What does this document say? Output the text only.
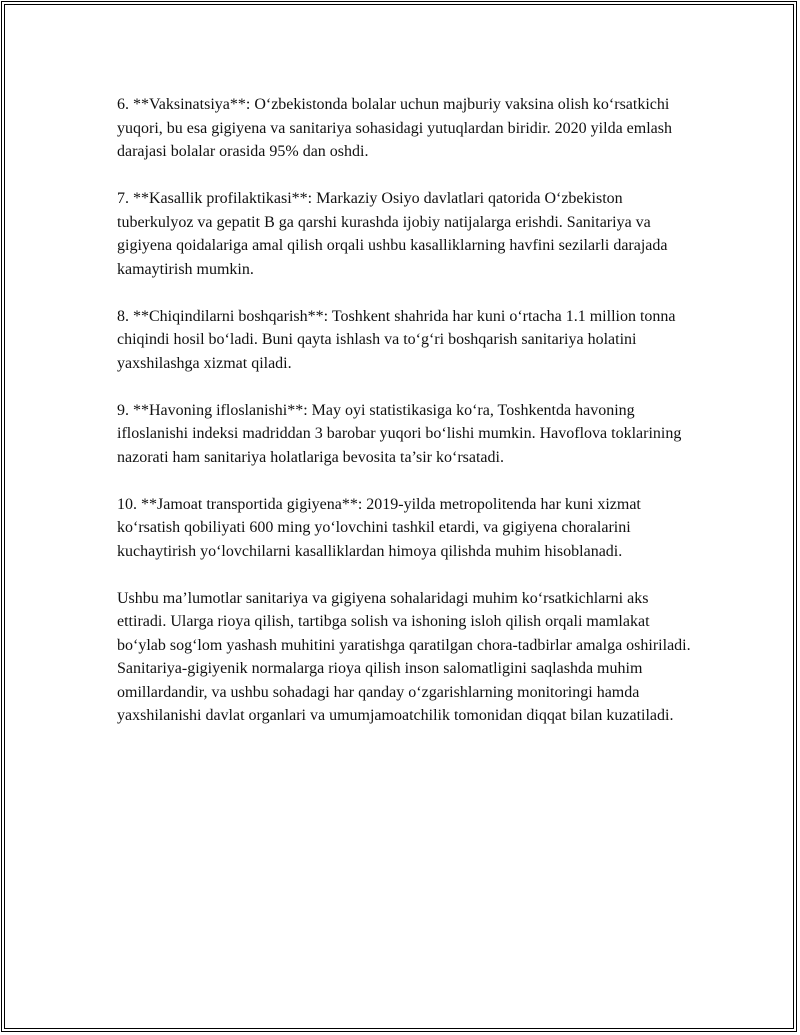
6. **Vaksinatsiya**: O‘zbekistonda bolalar uchun majburiy vaksina olish ko‘rsatkichi yuqori, bu esa gigiyena va sanitariya sohasidagi yutuqlardan biridir. 2020 yilda emlash darajasi bolalar orasida 95% dan oshdi.

7. **Kasallik profilaktikasi**: Markaziy Osiyo davlatlari qatorida O‘zbekiston tuberkulyoz va gepatit B ga qarshi kurashda ijobiy natijalarga erishdi. Sanitariya va gigiyena qoidalariga amal qilish orqali ushbu kasalliklarning havfini sezilarli darajada kamaytirish mumkin.

8. **Chiqindilarni boshqarish**: Toshkent shahrida har kuni o‘rtacha 1.1 million tonna chiqindi hosil bo‘ladi. Buni qayta ishlash va to‘g‘ri boshqarish sanitariya holatini yaxshilashga xizmat qiladi.

9. **Havoning ifloslanishi**: May oyi statistikasiga ko‘ra, Toshkentda havoning ifloslanishi indeksi madriddan 3 barobar yuqori bo‘lishi mumkin. Havoflova toklarining nazorati ham sanitariya holatlariga bevosita ta’sir ko‘rsatadi.

10. **Jamoat transportida gigiyena**: 2019-yilda metropolitenda har kuni xizmat ko‘rsatish qobiliyati 600 ming yo‘lovchini tashkil etardi, va gigiyena choralarini kuchaytirish yo‘lovchilarni kasalliklardan himoya qilishda muhim hisoblanadi.

Ushbu ma’lumotlar sanitariya va gigiyena sohalaridagi muhim ko‘rsatkichlarni aks ettiradi. Ularga rioya qilish, tartibga solish va ishoning isloh qilish orqali mamlakat bo‘ylab sog‘lom yashash muhitini yaratishga qaratilgan chora-tadbirlar amalga oshiriladi. Sanitariya-gigiyenik normalarga rioya qilish inson salomatligini saqlashda muhim omillardandir, va ushbu sohadagi har qanday o‘zgarishlarning monitoringi hamda yaxshilanishi davlat organlari va umumjamoatchilik tomonidan diqqat bilan kuzatiladi.
